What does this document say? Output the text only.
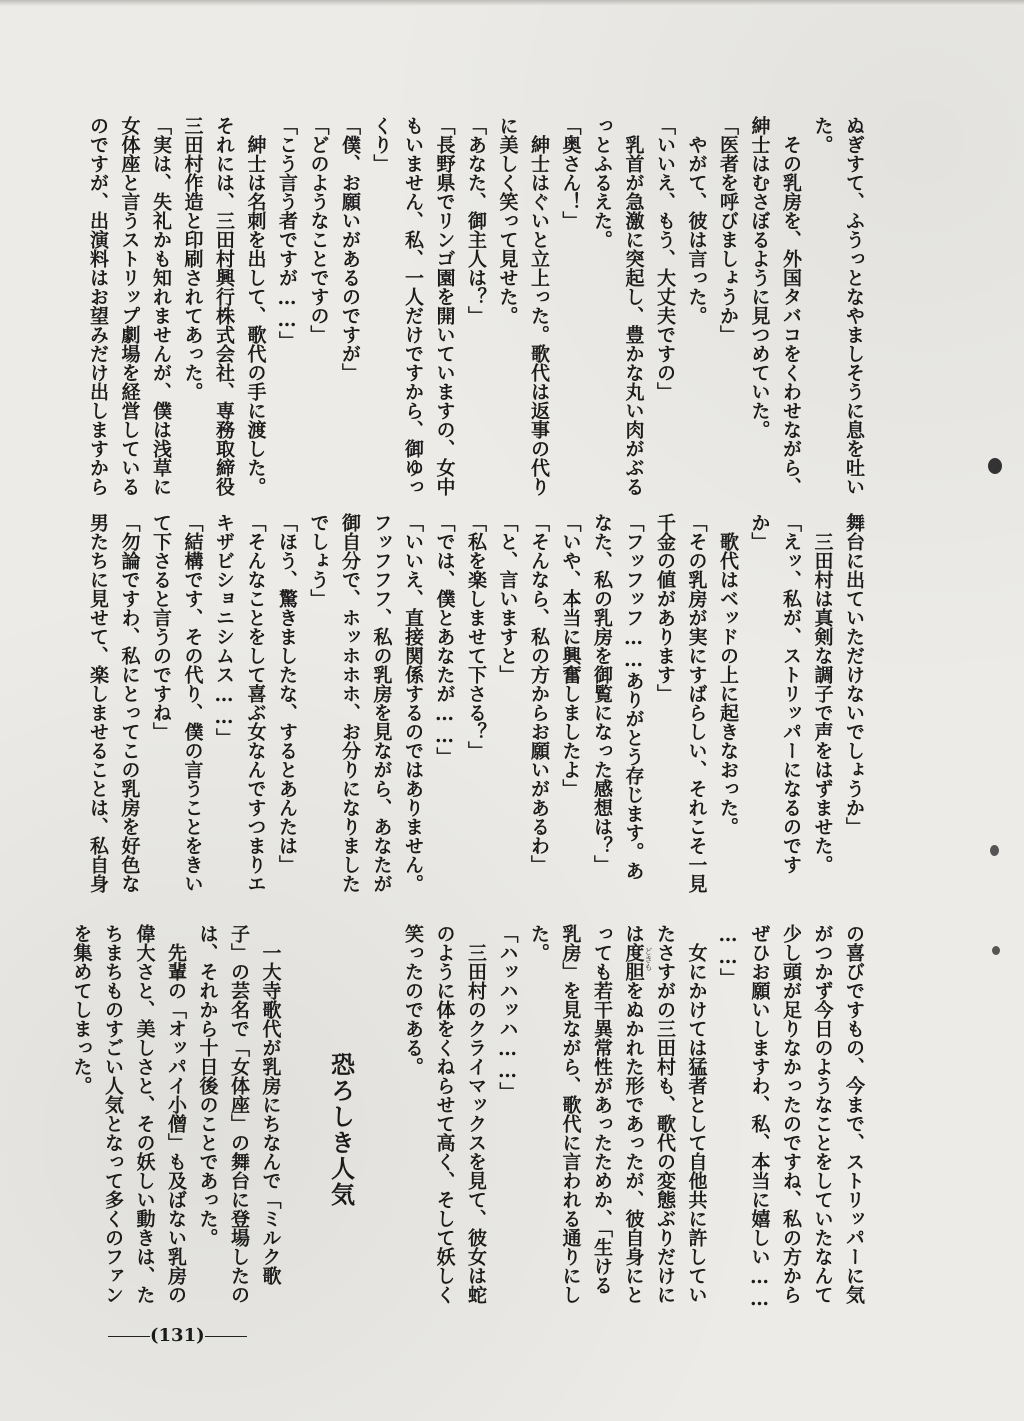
ぬぎすて、ふうっとなやましそうに息を吐い
た。
　その乳房を、外国タバコをくわせながら、
紳士はむさぼるように見つめていた。
「医者を呼びましょうか」
　やがて、彼は言った。
「いいえ、もう、大丈夫ですの」
　乳首が急激に突起し、豊かな丸い肉がぶる
っとふるえた。
「奥さん！」
　紳士はぐいと立上った。歌代は返事の代り
に美しく笑って見せた。
「あなた、御主人は？」
「長野県でリンゴ園を開いていますの、女中
もいません、私、一人だけですから、御ゆっ
くり」
「僕、お願いがあるのですが」
「どのようなことですの」
「こう言う者ですが……」
　紳士は名刺を出して、歌代の手に渡した。
それには、三田村興行株式会社、専務取締役
三田村作造と印刷されてあった。
「実は、失礼かも知れませんが、僕は浅草に
女体座と言うストリップ劇場を経営している
のですが、出演料はお望みだけ出しますから
舞台に出ていただけないでしょうか」
　三田村は真剣な調子で声をはずませた。
「えッ、私が、ストリッパーになるのです
か」
　歌代はベッドの上に起きなおった。
「その乳房が実にすばらしい、それこそ一見
千金の値があります」
「フッフッフ……ありがとう存じます。あ
なた、私の乳房を御覧になった感想は？」
「いや、本当に興奮しましたよ」
「そんなら、私の方からお願いがあるわ」
「と、言いますと」
「私を楽しませて下さる？」
「では、僕とあなたが……」
「いいえ、直接関係するのではありません。
フッフフフ、私の乳房を見ながら、あなたが
御自分で、ホッホホホ、お分りになりました
でしょう」
「ほう、驚きましたな、するとあんたは」
「そんなことをして喜ぶ女なんですつまりエ
キザビショニシムス……」
「結構です、その代り、僕の言うことをきい
て下さると言うのですね」
「勿論ですわ、私にとってこの乳房を好色な
男たちに見せて、楽しませることは、私自身
の喜びですもの、今まで、ストリッパーに気
がつかず今日のようなことをしていたなんて
少し頭が足りなかったのですね、私の方から
ぜひお願いしますわ、私、本当に嬉しい……
……」
　女にかけては猛者として自他共に許してい
たさすがの三田村も、歌代の変態ぶりだけに
は度胆をぬかれた形であったが、彼自身にと
っても若干異常性があったためか、「生ける
乳房」を見ながら、歌代に言われる通りにし
た。
「ハッハッハ……」
　三田村のクライマックスを見て、彼女は蛇
のように体をくねらせて高く、そして妖しく
笑ったのである。
恐ろしき人気
　一大寺歌代が乳房にちなんで「ミルク歌
子」の芸名で「女体座」の舞台に登場したの
は、それから十日後のことであった。
　先輩の「オッパイ小僧」も及ばない乳房の
偉大さと、美しさと、その妖しい動きは、た
ちまちものすごい人気となって多くのファン
を集めてしまった。	どきも
(131)
